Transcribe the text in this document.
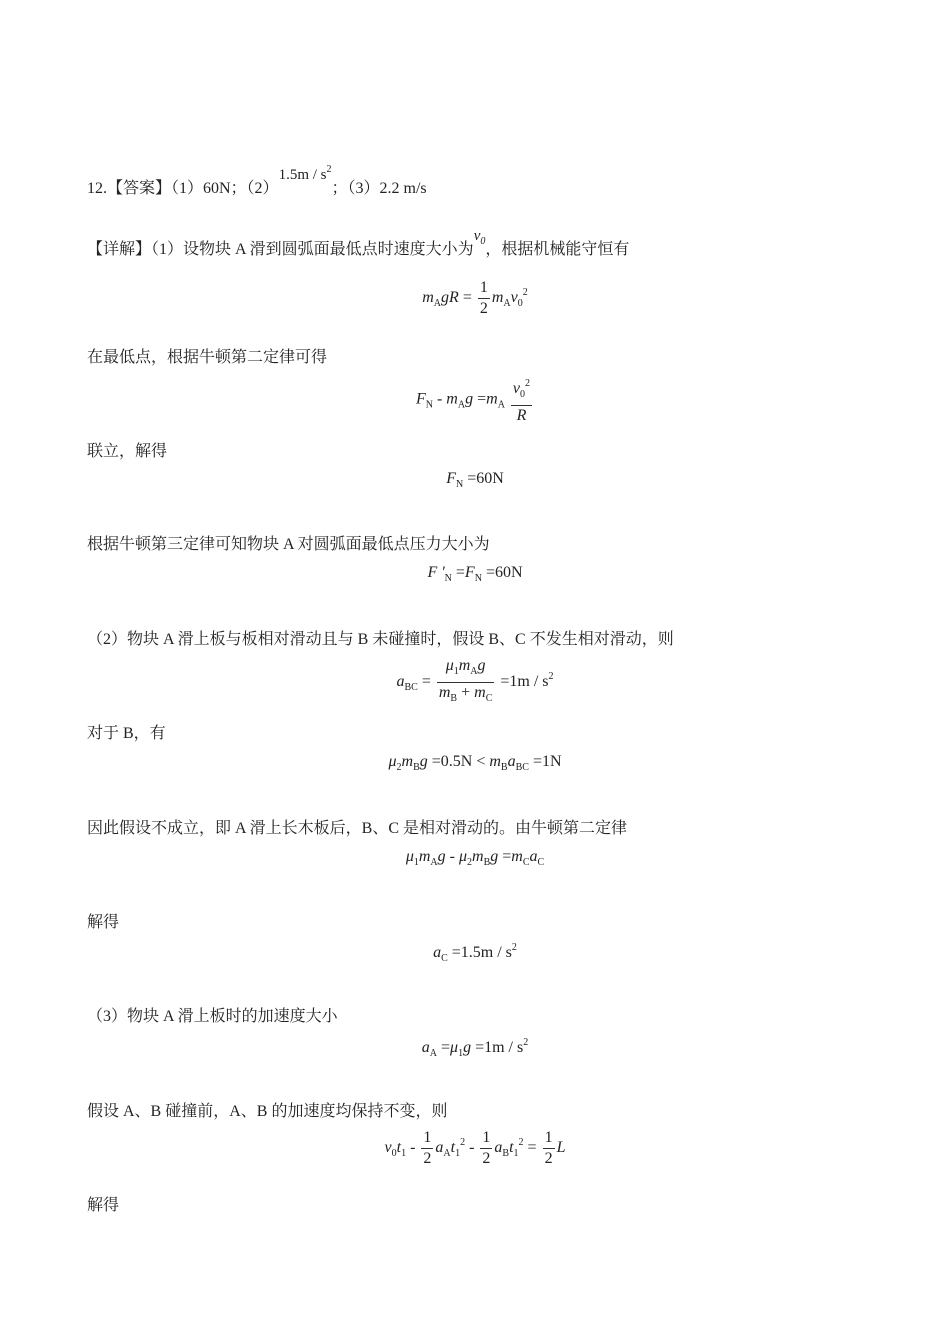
12.【答案】（1）60N；$(2)1.5m / s^2$；（3）2.2 m/s
【详解】（1）设物块 A 滑到圆弧面最低点时速度大小为$v_0$，根据机械能守恒有
$m_AgR = \frac{1}{2} m_Av_0^2$
在最低点，根据牛顿第二定律可得
$F_N - m_Ag =m_A \frac{v_0^2}{R}$
联立，解得
$F_N =60N$
根据牛顿第三定律可知物块 A 对圆弧面最低点压力大小为
F '$_N =F_N =60N$
（2）物块 A 滑上板与板相对滑动且与 B 未碰撞时，假设 B、C 不发生相对滑动，则
$a_{BC} = \frac{\mu_1m_Ag}{m_B + m_C} =1m / s^2$
对于 B，有
$\mu_2m_Bg =0.5N < m_Ba_{BC} =1N$
因此假设不成立，即 A 滑上长木板后，B、C 是相对滑动的。由牛顿第二定律
$\mu_1m_Ag - \mu_2m_Bg =m_Ca_C$
解得
$a_C =1.5m / s^2$
（3）物块 A 滑上板时的加速度大小
$a_A =\mu_1g =1m / s^2$
假设 A、B 碰撞前，A、B 的加速度均保持不变，则
$v_0t_1 - \frac{1}{2} a_At_1^2 - \frac{1}{2} a_Bt_1^2 = \frac{1}{2}$ L
解得
